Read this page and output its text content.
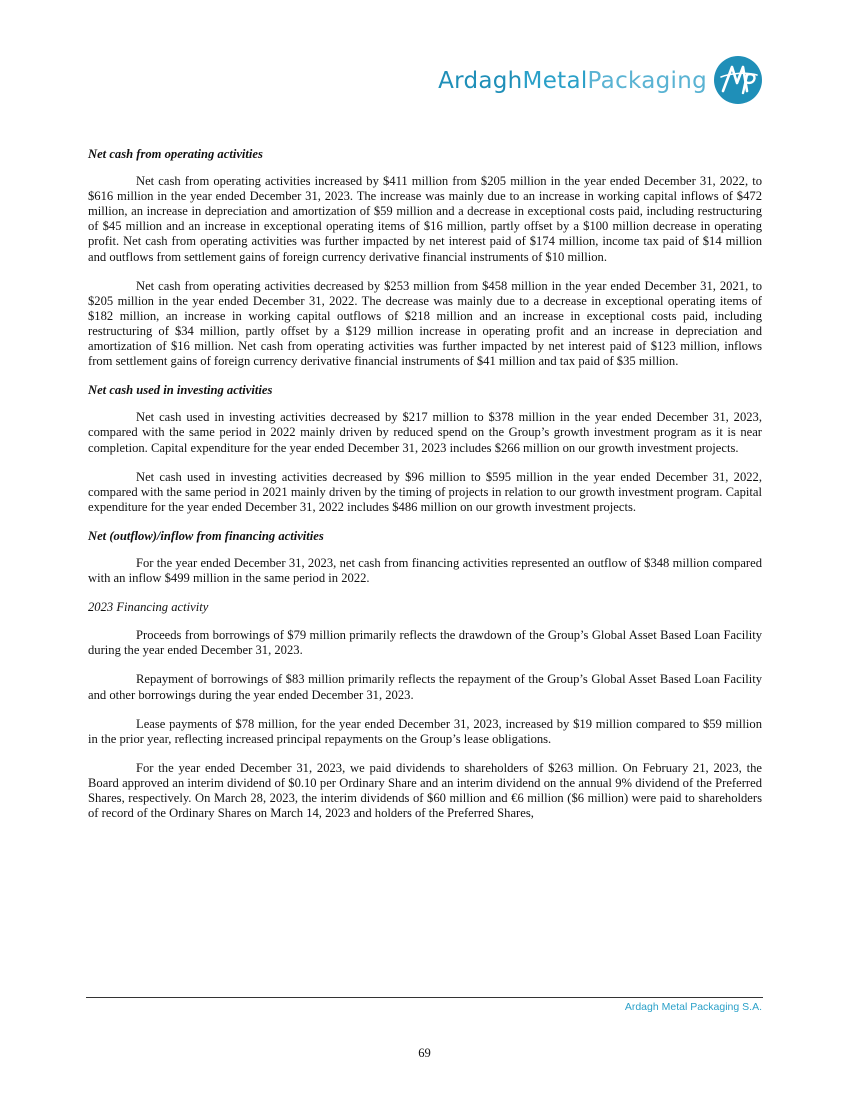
ArdaghMetalPackaging
Net cash from operating activities

Net cash from operating activities increased by $411 million from $205 million in the year ended December 31, 2022, to $616 million in the year ended December 31, 2023. The increase was mainly due to an increase in working capital inflows of $472 million, an increase in depreciation and amortization of $59 million and a decrease in exceptional costs paid, including restructuring of $45 million and an increase in exceptional operating items of $16 million, partly offset by a $100 million decrease in operating profit. Net cash from operating activities was further impacted by net interest paid of $174 million, income tax paid of $14 million and outflows from settlement gains of foreign currency derivative financial instruments of $10 million.

Net cash from operating activities decreased by $253 million from $458 million in the year ended December 31, 2021, to $205 million in the year ended December 31, 2022. The decrease was mainly due to a decrease in exceptional operating items of $182 million, an increase in working capital outflows of $218 million and an increase in exceptional costs paid, including restructuring of $34 million, partly offset by a $129 million increase in operating profit and an increase in depreciation and amortization of $16 million. Net cash from operating activities was further impacted by net interest paid of $123 million, inflows from settlement gains of foreign currency derivative financial instruments of $41 million and tax paid of $35 million.

Net cash used in investing activities

Net cash used in investing activities decreased by $217 million to $378 million in the year ended December 31, 2023, compared with the same period in 2022 mainly driven by reduced spend on the Group’s growth investment program as it is near completion. Capital expenditure for the year ended December 31, 2023 includes $266 million on our growth investment projects.

Net cash used in investing activities decreased by $96 million to $595 million in the year ended December 31, 2022, compared with the same period in 2021 mainly driven by the timing of projects in relation to our growth investment program. Capital expenditure for the year ended December 31, 2022 includes $486 million on our growth investment projects.

Net (outflow)/inflow from financing activities

For the year ended December 31, 2023, net cash from financing activities represented an outflow of $348 million compared with an inflow $499 million in the same period in 2022.

2023 Financing activity

Proceeds from borrowings of $79 million primarily reflects the drawdown of the Group’s Global Asset Based Loan Facility during the year ended December 31, 2023.

Repayment of borrowings of $83 million primarily reflects the repayment of the Group’s Global Asset Based Loan Facility and other borrowings during the year ended December 31, 2023.

Lease payments of $78 million, for the year ended December 31, 2023, increased by $19 million compared to $59 million in the prior year, reflecting increased principal repayments on the Group’s lease obligations.

For the year ended December 31, 2023, we paid dividends to shareholders of $263 million. On February 21, 2023, the Board approved an interim dividend of $0.10 per Ordinary Share and an interim dividend on the annual 9% dividend of the Preferred Shares, respectively. On March 28, 2023, the interim dividends of $60 million and €6 million ($6 million) were paid to shareholders of record of the Ordinary Shares on March 14, 2023 and holders of the Preferred Shares,

Ardagh Metal Packaging S.A.
69
